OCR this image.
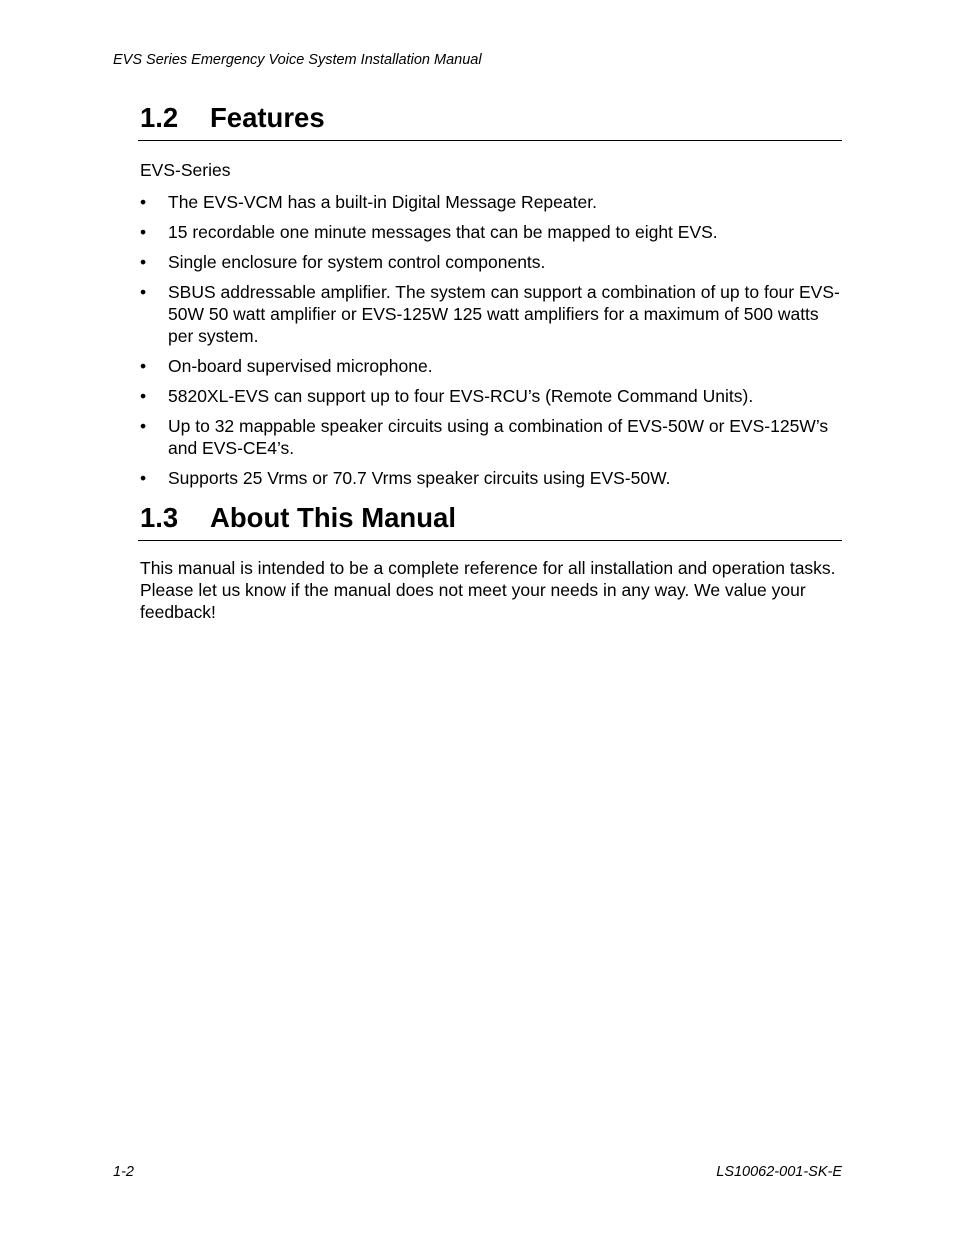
EVS Series Emergency Voice System Installation Manual

1.2	Features

EVS-Series

• The EVS-VCM has a built-in Digital Message Repeater.
• 15 recordable one minute messages that can be mapped to eight EVS.
• Single enclosure for system control components.
• SBUS addressable amplifier. The system can support a combination of up to four EVS-50W 50 watt amplifier or EVS-125W 125 watt amplifiers for a maximum of 500 watts per system.
• On-board supervised microphone.
• 5820XL-EVS can support up to four EVS-RCU’s (Remote Command Units).
• Up to 32 mappable speaker circuits using a combination of EVS-50W or EVS-125W’s and EVS-CE4’s.
• Supports 25 Vrms or 70.7 Vrms speaker circuits using EVS-50W.
1.3	About This Manual

This manual is intended to be a complete reference for all installation and operation tasks. Please let us know if the manual does not meet your needs in any way. We value your feedback!

1-2	LS10062-001-SK-E
